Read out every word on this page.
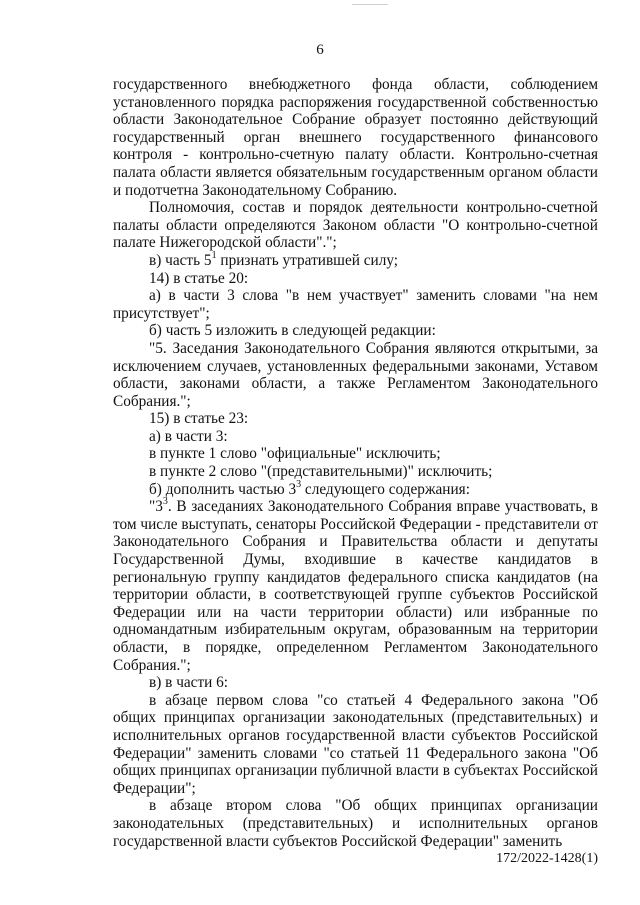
6

государственного внебюджетного фонда области, соблюдением установленного порядка распоряжения государственной собственностью области Законодательное Собрание образует постоянно действующий государственный орган внешнего государственного финансового контроля - контрольно-счетную палату области. Контрольно-счетная палата области является обязательным государственным органом области и подотчетна Законодательному Собранию.

Полномочия, состав и порядок деятельности контрольно-счетной палаты области определяются Законом области "О контрольно-счетной палате Нижегородской области".";

в) часть $5^1$ признать утратившей силу;

14) в статье 20:

а) в части 3 слова "в нем участвует" заменить словами "на нем присутствует";

б) часть 5 изложить в следующей редакции:

"5. Заседания Законодательного Собрания являются открытыми, за исключением случаев, установленных федеральными законами, Уставом области, законами области, а также Регламентом Законодательного Собрания.";

15) в статье 23:

а) в части 3:

в пункте 1 слово "официальные" исключить;

в пункте 2 слово "(представительными)" исключить;

б) дополнить частью $3^3$ следующего содержания:

"$3^3$. В заседаниях Законодательного Собрания вправе участвовать, в том числе выступать, сенаторы Российской Федерации - представители от Законодательного Собрания и Правительства области и депутаты Государственной Думы, входившие в качестве кандидатов в региональную группу кандидатов федерального списка кандидатов (на территории области, в соответствующей группе субъектов Российской Федерации или на части территории области) или избранные по одномандатным избирательным округам, образованным на территории области, в порядке, определенном Регламентом Законодательного Собрания.";

в) в части 6:

в абзаце первом слова "со статьей 4 Федерального закона "Об общих принципах организации законодательных (представительных) и исполнительных органов государственной власти субъектов Российской Федерации" заменить словами "со статьей 11 Федерального закона "Об общих принципах организации публичной власти в субъектах Российской Федерации";

в абзаце втором слова "Об общих принципах организации законодательных (представительных) и исполнительных органов государственной власти субъектов Российской Федерации" заменить

172/2022-1428(1)
